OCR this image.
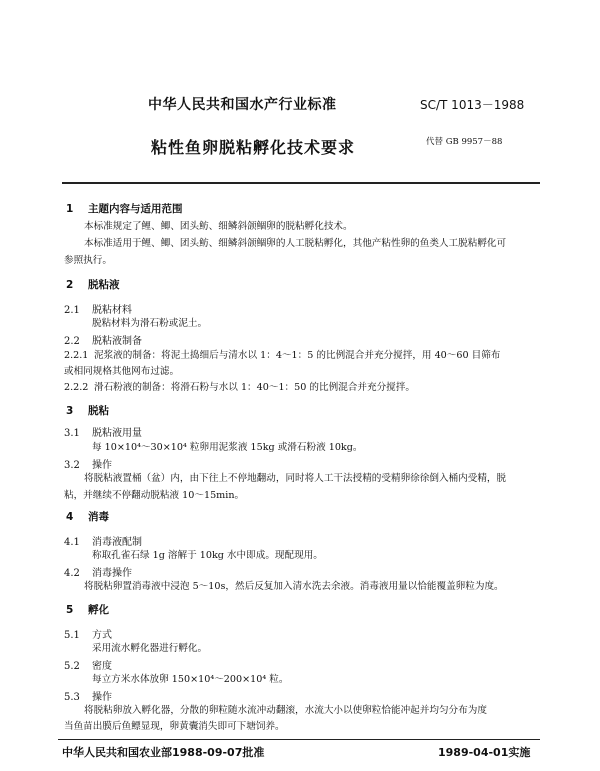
中华人民共和国水产行业标准	SC/T 1013－1988
粘性鱼卵脱粘孵化技术要求	代替 GB 9957－88
1 主题内容与适用范围
本标准规定了鲤、鲫、团头鲂、细鳞斜颌鲴卵的脱粘孵化技术。
本标准适用于鲤、鲫、团头鲂、细鳞斜颌鲴卵的人工脱粘孵化，其他产粘性卵的鱼类人工脱粘孵化可
参照执行。
2 脱粘液
2.1 脱粘材料
脱粘材料为滑石粉或泥土。
2.2 脱粘液制备
2.2.1 泥浆液的制备：将泥土捣细后与清水以 1：4～1：5 的比例混合并充分搅拌，用 40～60 目筛布
或相同规格其他网布过滤。
2.2.2 滑石粉液的制备：将滑石粉与水以 1：40～1：50 的比例混合并充分搅拌。
3 脱粘
3.1 脱粘液用量
每 10×10⁴～30×10⁴ 粒卵用泥浆液 15kg 或滑石粉液 10kg。
3.2 操作
将脱粘液置桶（盆）内，由下往上不停地翻动，同时将人工干法授精的受精卵徐徐倒入桶内受精，脱
粘，并继续不停翻动脱粘液 10～15min。
4 消毒
4.1 消毒液配制
称取孔雀石绿 1g 溶解于 10kg 水中即成。现配现用。
4.2 消毒操作
将脱粘卵置消毒液中浸泡 5～10s，然后反复加入清水洗去余液。消毒液用量以恰能覆盖卵粒为度。
5 孵化
5.1 方式
采用流水孵化器进行孵化。
5.2 密度
每立方米水体放卵 150×10⁴～200×10⁴ 粒。
5.3 操作
将脱粘卵放入孵化器，分散的卵粒随水流冲动翻滚，水流大小以使卵粒恰能冲起并均匀分布为度
当鱼苗出膜后鱼鳔显现，卵黄囊消失即可下塘饲养。
中华人民共和国农业部1988-09-07批准	1989-04-01实施
